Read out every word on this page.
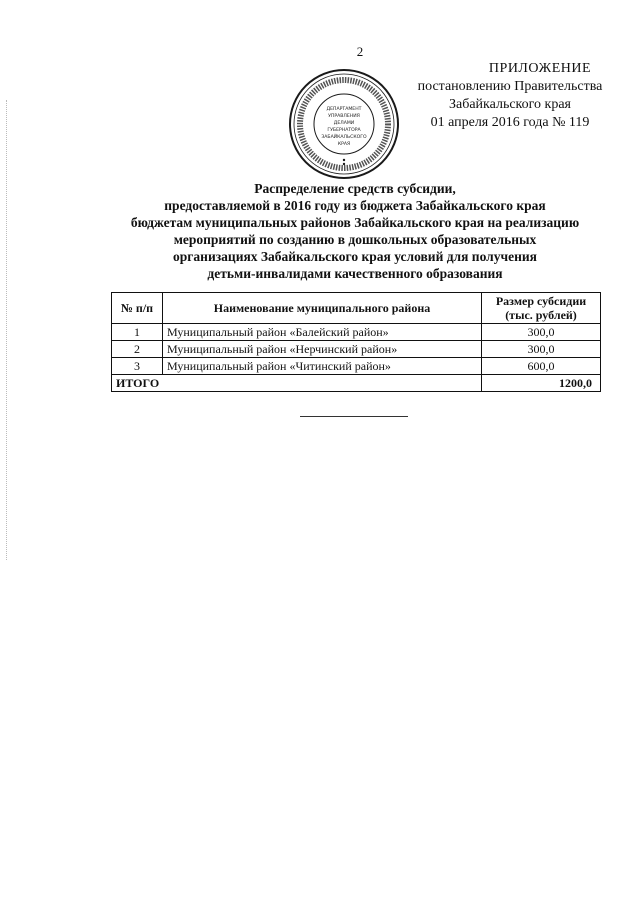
2
ПРИЛОЖЕНИЕ
постановлению Правительства
Забайкальского края
01 апреля 2016 года № 119
ДЕПАРТАМЕНТ
УПРАВЛЕНИЯ
ДЕЛАМИ
ГУБЕРНАТОРА
ЗАБАЙКАЛЬСКОГО
КРАЯ
Распределение средств субсидии,
предоставляемой в 2016 году из бюджета Забайкальского края
бюджетам муниципальных районов Забайкальского края на реализацию
мероприятий по созданию в дошкольных образовательных
организациях Забайкальского края условий для получения
детьми-инвалидами качественного образования
№ п/п	Наименование муниципального района	Размер субсидии
(тыс. рублей)

1	Муниципальный район «Балейский район»	300,0
2	Муниципальный район «Нерчинский район»	300,0
3	Муниципальный район «Читинский район»	600,0
ИТОГО		1200,0
